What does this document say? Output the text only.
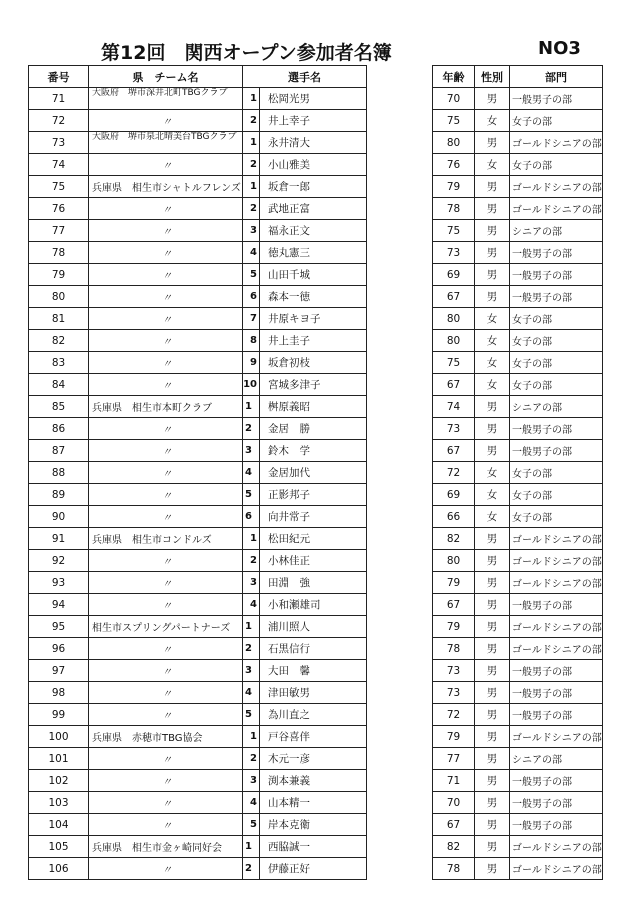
第12回　関西オープン参加者名簿	NO3
番号	県　チーム名	選手名	
71	大阪府　堺市深井北町TBGクラブ	1	松岡光男
72	〃	2	井上幸子
73	大阪府　堺市泉北晴美台TBGクラブ	1	永井清大
74	〃	2	小山雅美
75	兵庫県　相生市シャトルフレンズ	1	坂倉一郎
76	〃	2	武地正富
77	〃	3	福永正文
78	〃	4	徳丸憲三
79	〃	5	山田千城
80	〃	6	森本一徳
81	〃	7	井原キヨ子
82	〃	8	井上圭子
83	〃	9	坂倉初枝
84	〃	10	宮城多津子
85	兵庫県　相生市本町クラブ	1	桝原義昭
86	〃	2	金居　勝
87	〃	3	鈴木　学
88	〃	4	金居加代
89	〃	5	正影邦子
90	〃	6	向井常子
91	兵庫県　相生市コンドルズ	1	松田紀元
92	〃	2	小林佳正
93	〃	3	田淵　強
94	〃	4	小和瀬雄司
95	相生市スプリングパートナーズ	1	浦川照人
96	〃	2	石黒信行
97	〃	3	大田　馨
98	〃	4	津田敏男
99	〃	5	為川直之
100	兵庫県　赤穂市TBG協会	1	戸谷喜伴
101	〃	2	木元一彦
102	〃	3	渕本兼義
103	〃	4	山本精一
104	〃	5	岸本克衛
105	兵庫県　相生市金ヶ崎同好会	1	西脇誠一
106	〃	2	伊藤正好
年齢	性別	部門
70	男	一般男子の部
75	女	女子の部
80	男	ゴールドシニアの部
76	女	女子の部
79	男	ゴールドシニアの部
78	男	ゴールドシニアの部
75	男	シニアの部
73	男	一般男子の部
69	男	一般男子の部
67	男	一般男子の部
80	女	女子の部
80	女	女子の部
75	女	女子の部
67	女	女子の部
74	男	シニアの部
73	男	一般男子の部
67	男	一般男子の部
72	女	女子の部
69	女	女子の部
66	女	女子の部
82	男	ゴールドシニアの部
80	男	ゴールドシニアの部
79	男	ゴールドシニアの部
67	男	一般男子の部
79	男	ゴールドシニアの部
78	男	ゴールドシニアの部
73	男	一般男子の部
73	男	一般男子の部
72	男	一般男子の部
79	男	ゴールドシニアの部
77	男	シニアの部
71	男	一般男子の部
70	男	一般男子の部
67	男	一般男子の部
82	男	ゴールドシニアの部
78	男	ゴールドシニアの部
